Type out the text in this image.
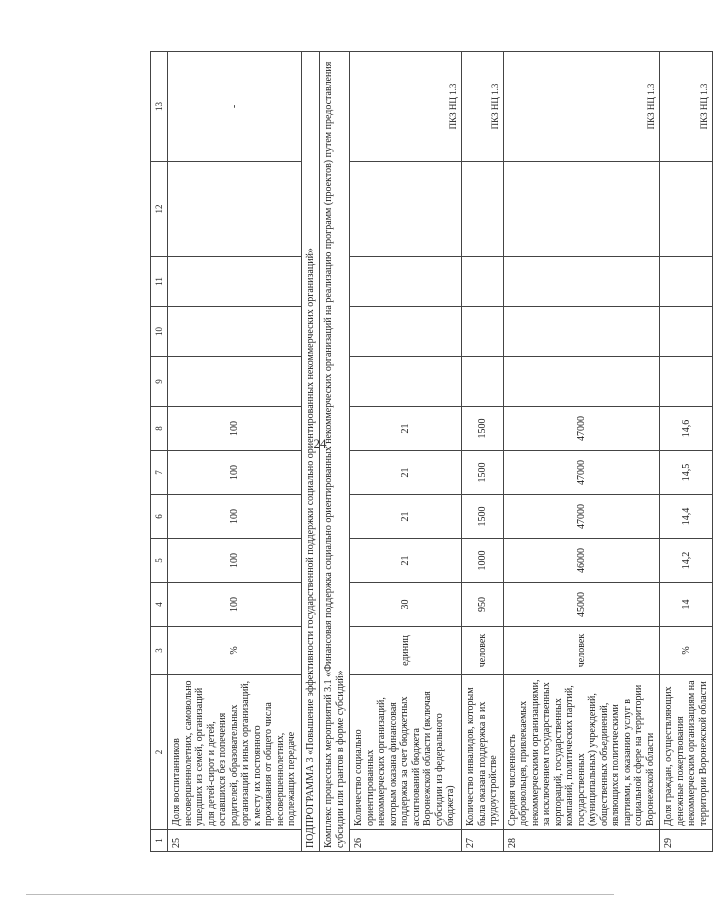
24
1	2	3	4	5	6	7	8	9	10	11	12	13
25	Доля воспитанников несовершеннолетних, самовольно ушедших из семей, организаций для детей-сирот и детей, оставшихся без попечения родителей, образовательных организаций и иных организаций, к месту их постоянного проживания от общего числа несовершеннолетних, подлежащих передаче	%	100	100	100	100	100					-
ПОДПРОГРАММА 3 «Повышение эффективности государственной поддержки социально ориентированных некоммерческих организаций»												
Комплекс процессных мероприятий 3.1 «Финансовая поддержка социально ориентированных некоммерческих организаций на реализацию программ (проектов) путем предоставления субсидии или грантов в форме субсидий»												
26	Количество социально ориентированных некоммерческих организаций, которым оказана финансовая поддержка за счет бюджетных ассигнований бюджета Воронежской области (включая субсидии из федерального бюджета)	единиц	30	21	21	21	21					ПКЗ НЦ 1.3
27	Количество инвалидов, которым была оказана поддержка в их трудоустройстве	человек	950	1000	1500	1500	1500					ПКЗ НЦ 1.3
28	Средняя численность добровольцев, привлекаемых некоммерческими организациями, за исключением государственных корпораций, государственных компаний, политических партий, государственных (муниципальных) учреждений, общественных объединений, являющихся политическими партиями, к оказанию услуг в социальной сфере на территории Воронежской области	человек	45000	46000	47000	47000	47000					ПКЗ НЦ 1.3
29	Доля граждан, осуществляющих денежные пожертвования некоммерческим организациям на территории Воронежской области	%	14	14,2	14,4	14,5	14,6					ПКЗ НЦ 1.3
